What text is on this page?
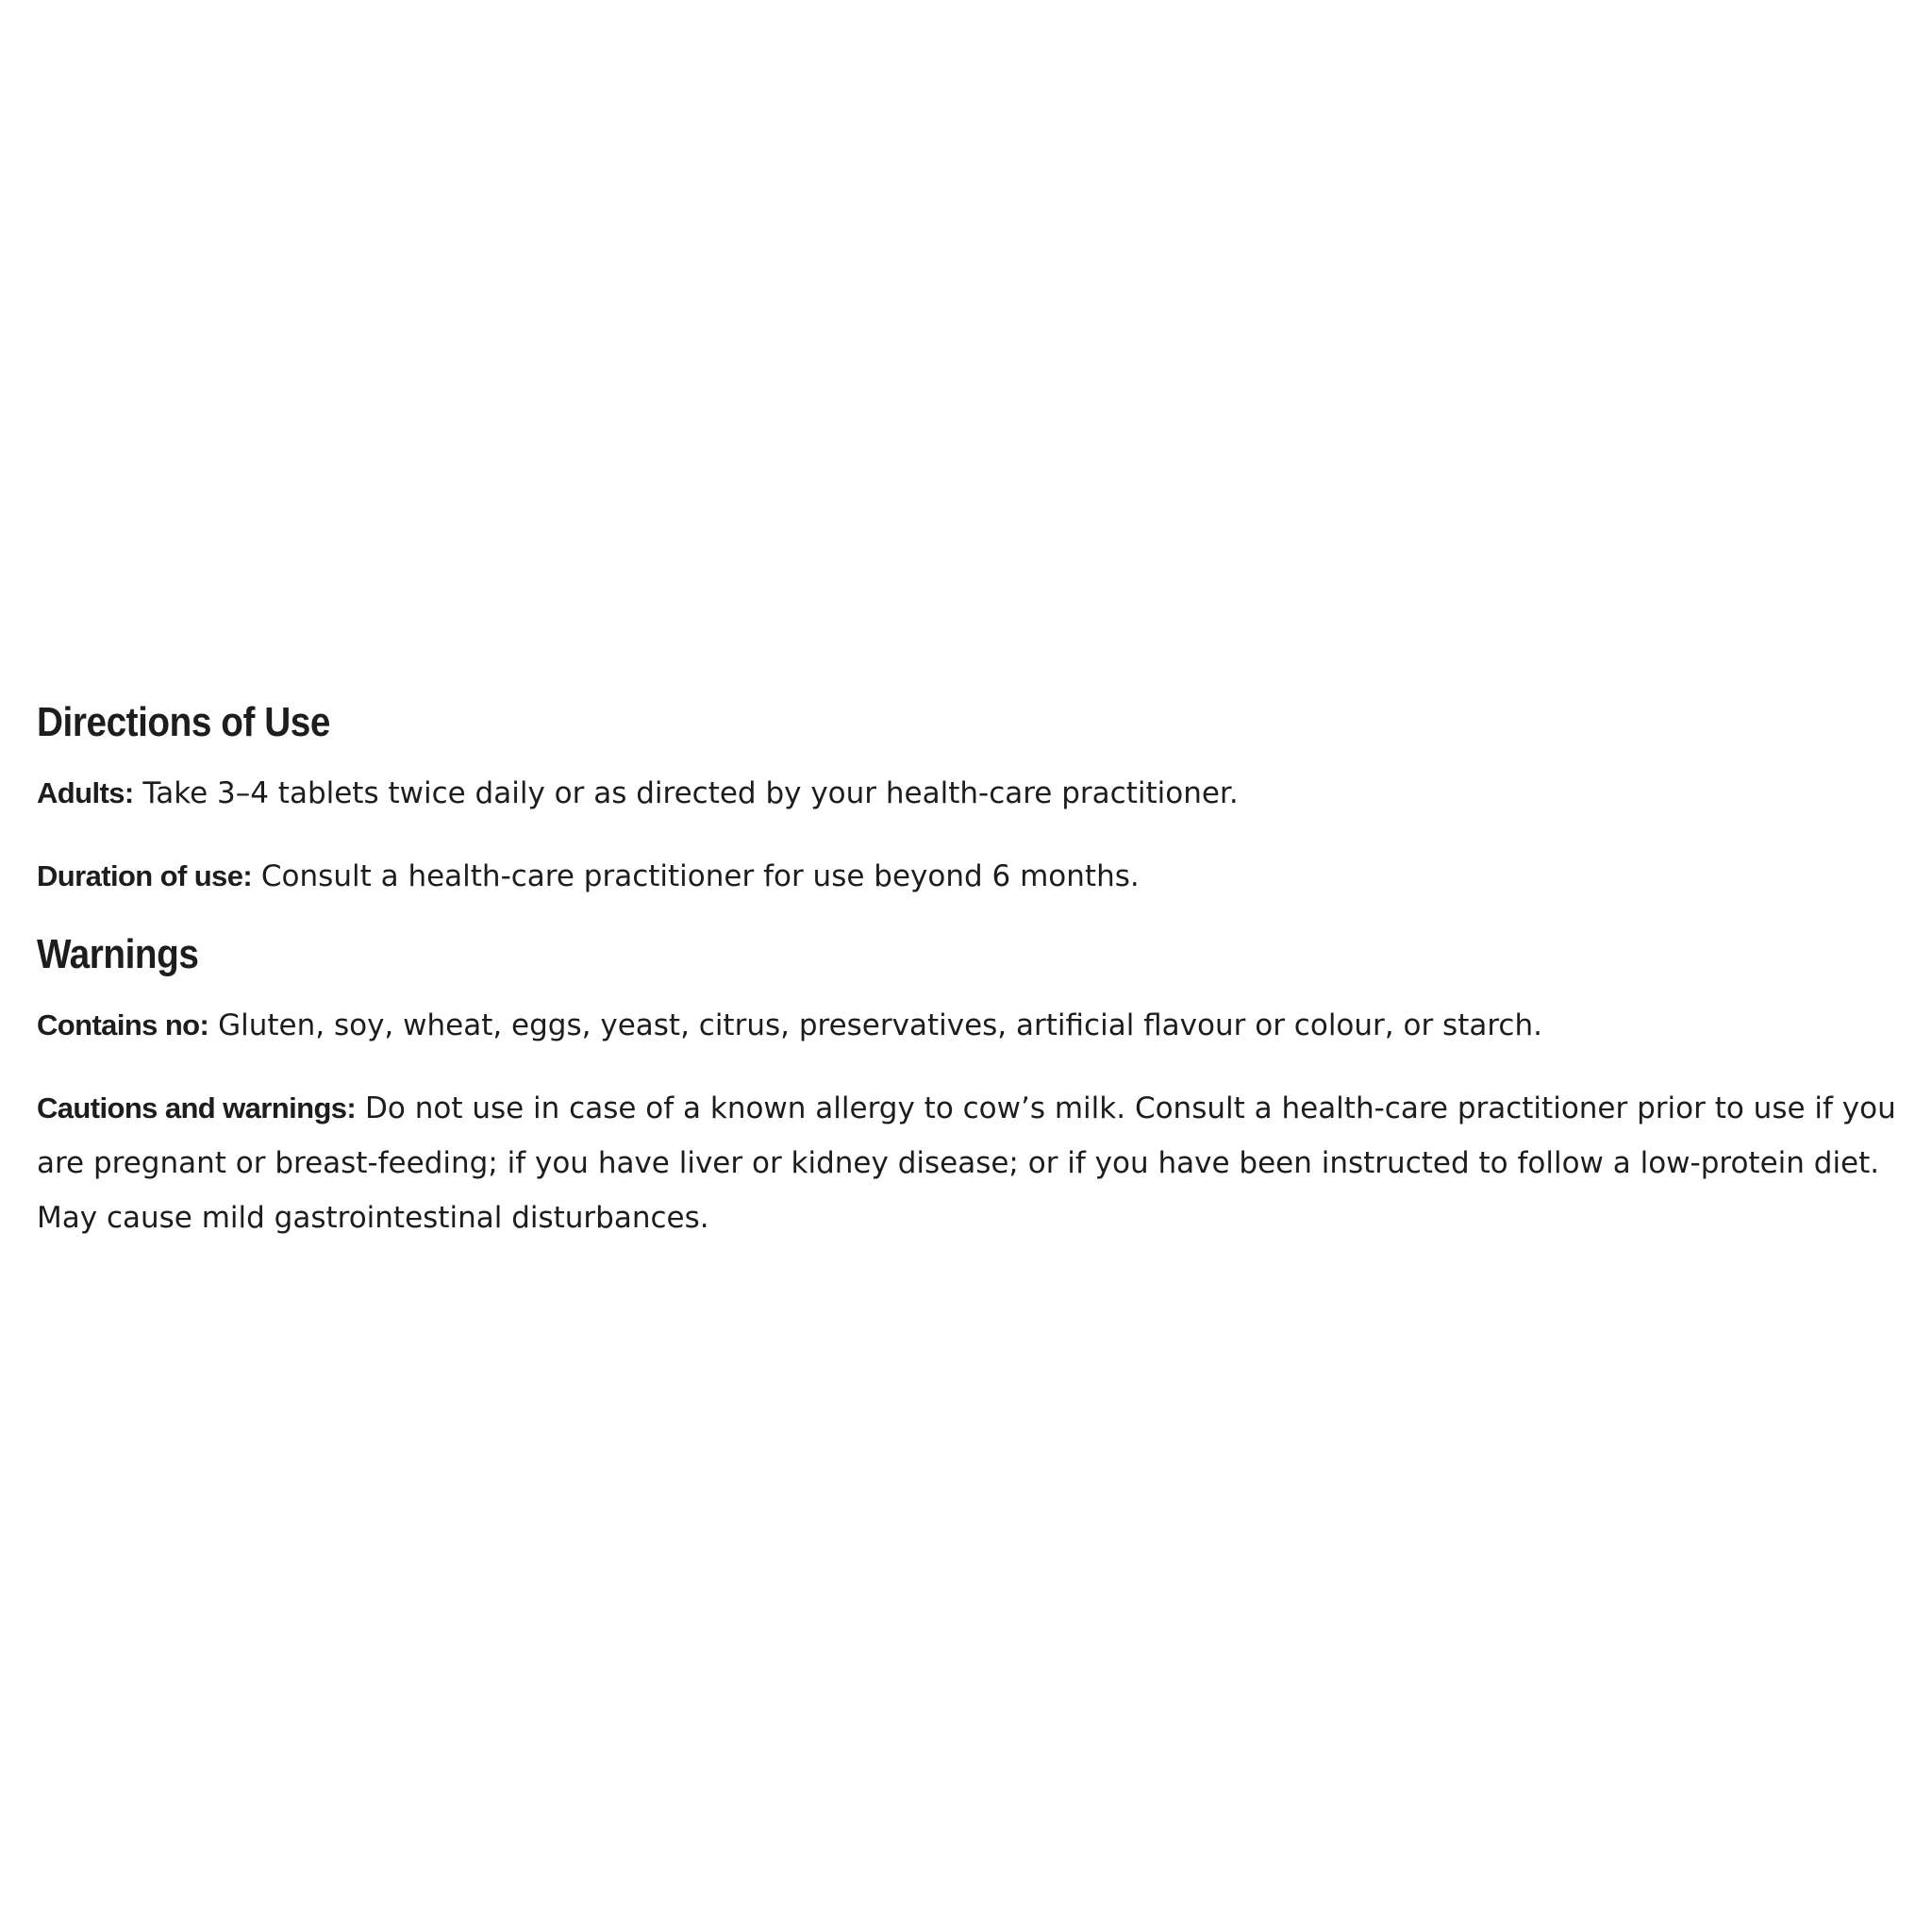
Directions of Use

Adults: Take 3–4 tablets twice daily or as directed by your health-care practitioner.

Duration of use: Consult a health-care practitioner for use beyond 6 months.

Warnings

Contains no: Gluten, soy, wheat, eggs, yeast, citrus, preservatives, artificial flavour or colour, or starch.

Cautions and warnings: Do not use in case of a known allergy to cow’s milk. Consult a health-care practitioner prior to use if you are pregnant or breast-feeding; if you have liver or kidney disease; or if you have been instructed to follow a low-protein diet. May cause mild gastrointestinal disturbances.
